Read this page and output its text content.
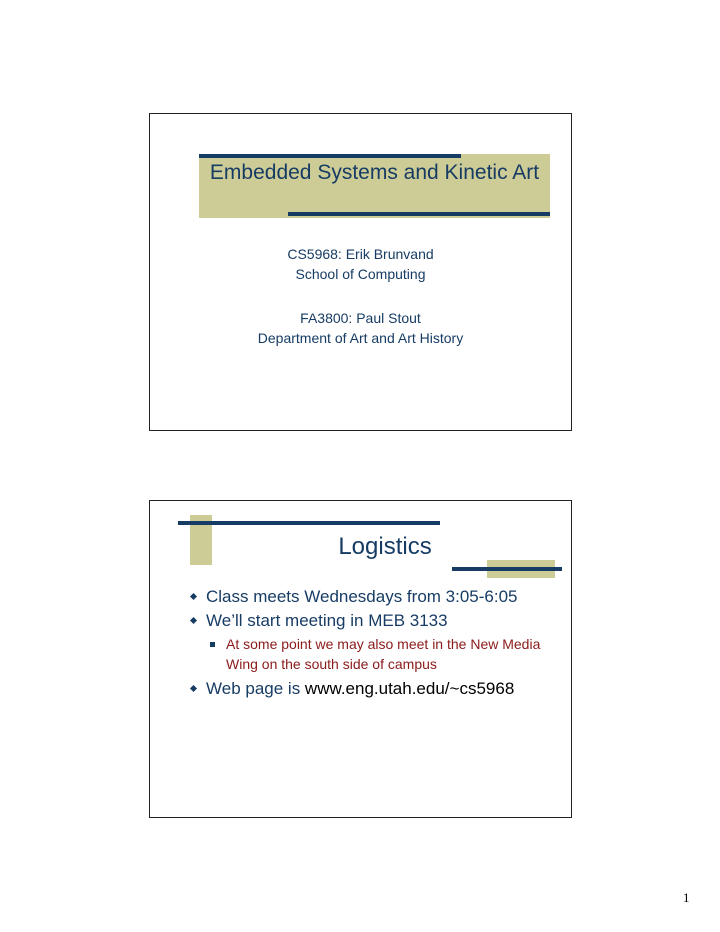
Embedded Systems and Kinetic Art
CS5968: Erik Brunvand
School of Computing
FA3800: Paul Stout
Department of Art and Art History
Logistics
Class meets Wednesdays from 3:05-6:05
We’ll start meeting in MEB 3133
At some point we may also meet in the New Media Wing on the south side of campus
Web page is www.eng.utah.edu/~cs5968
1
